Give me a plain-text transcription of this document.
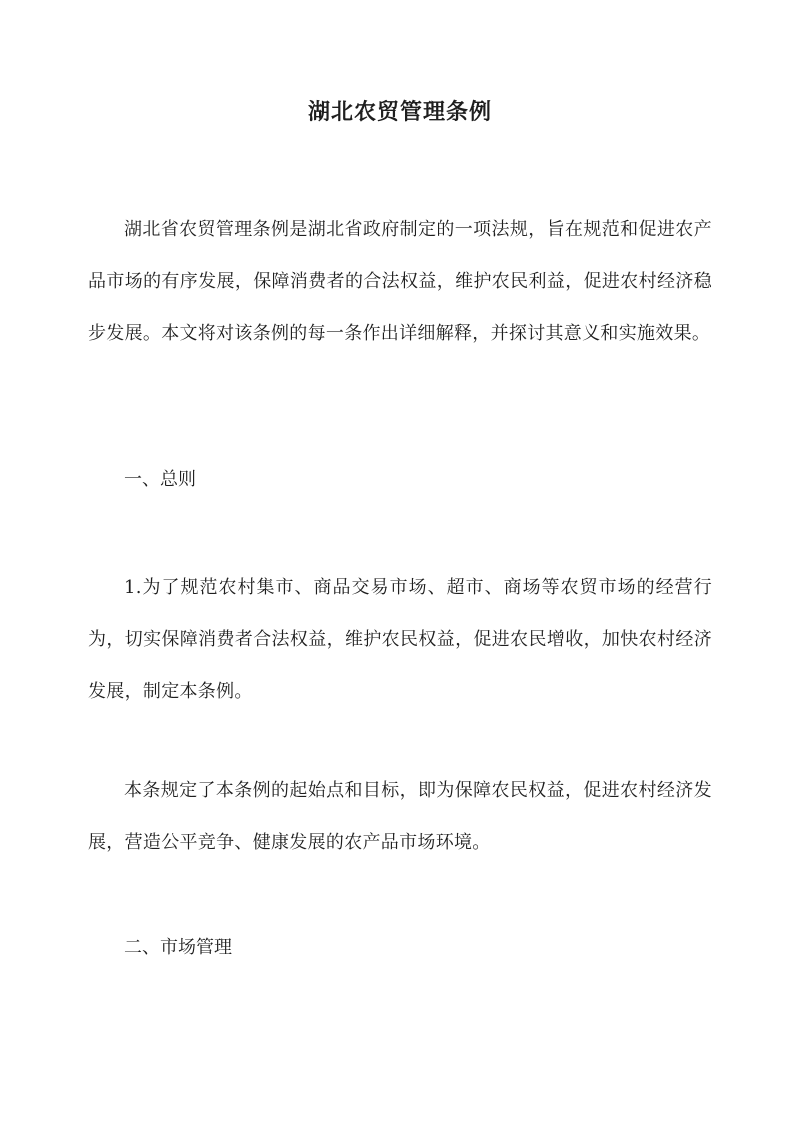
湖北农贸管理条例

湖北省农贸管理条例是湖北省政府制定的一项法规，旨在规范和促进农产品市场的有序发展，保障消费者的合法权益，维护农民利益，促进农村经济稳步发展。本文将对该条例的每一条作出详细解释，并探讨其意义和实施效果。

一、总则

1.为了规范农村集市、商品交易市场、超市、商场等农贸市场的经营行为，切实保障消费者合法权益，维护农民权益，促进农民增收，加快农村经济发展，制定本条例。

本条规定了本条例的起始点和目标，即为保障农民权益，促进农村经济发展，营造公平竞争、健康发展的农产品市场环境。

二、市场管理
